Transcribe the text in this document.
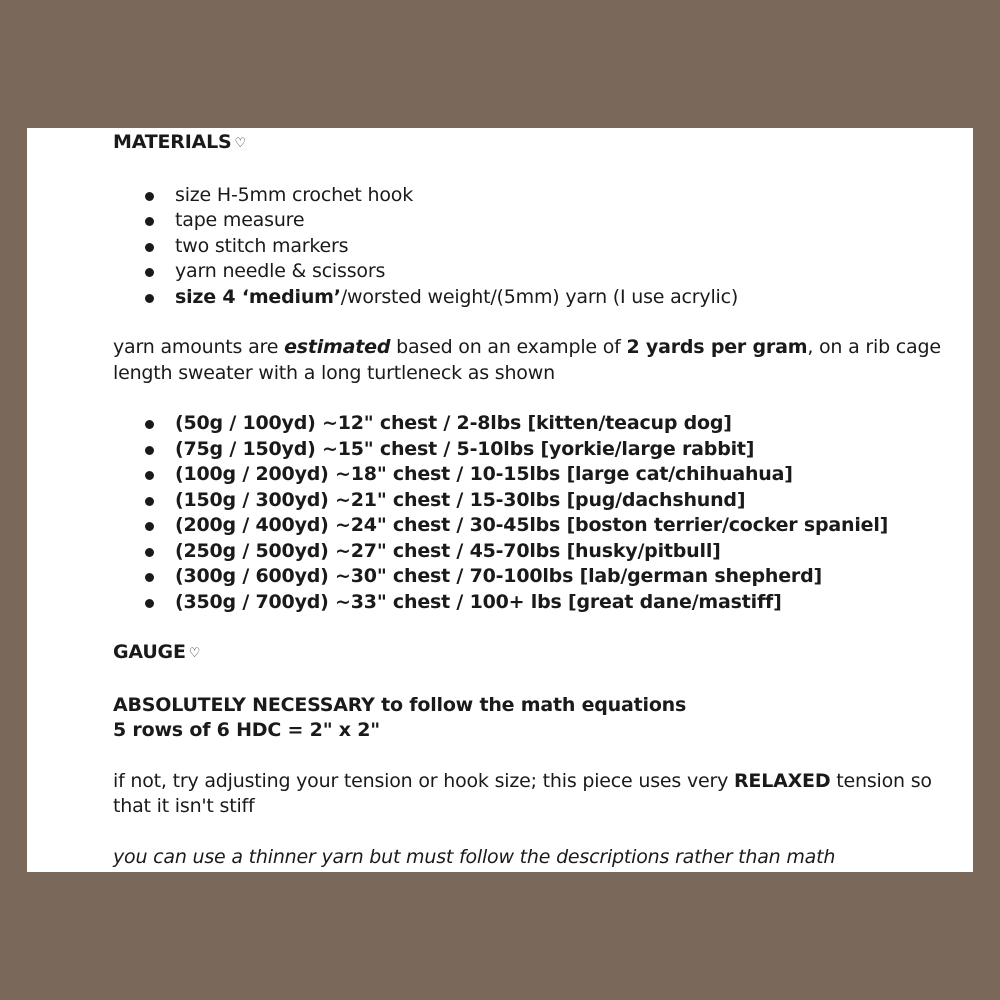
MATERIALS ♡

size H-5mm crochet hook
tape measure
two stitch markers
yarn needle & scissors
size 4 ‘medium’/worsted weight/(5mm) yarn (I use acrylic)

yarn amounts are estimated based on an example of 2 yards per gram, on a rib cage length sweater with a long turtleneck as shown

(50g / 100yd) ~12" chest / 2-8lbs [kitten/teacup dog]
(75g / 150yd) ~15" chest / 5-10lbs [yorkie/large rabbit]
(100g / 200yd) ~18" chest / 10-15lbs [large cat/chihuahua]
(150g / 300yd) ~21" chest / 15-30lbs [pug/dachshund]
(200g / 400yd) ~24" chest / 30-45lbs [boston terrier/cocker spaniel]
(250g / 500yd) ~27" chest / 45-70lbs [husky/pitbull]
(300g / 600yd) ~30" chest / 70-100lbs [lab/german shepherd]
(350g / 700yd) ~33" chest / 100+ lbs [great dane/mastiff]

GAUGE ♡

ABSOLUTELY NECESSARY to follow the math equations

5 rows of 6 HDC = 2" x 2"

if not, try adjusting your tension or hook size; this piece uses very RELAXED tension so that it isn't stiff

you can use a thinner yarn but must follow the descriptions rather than math
